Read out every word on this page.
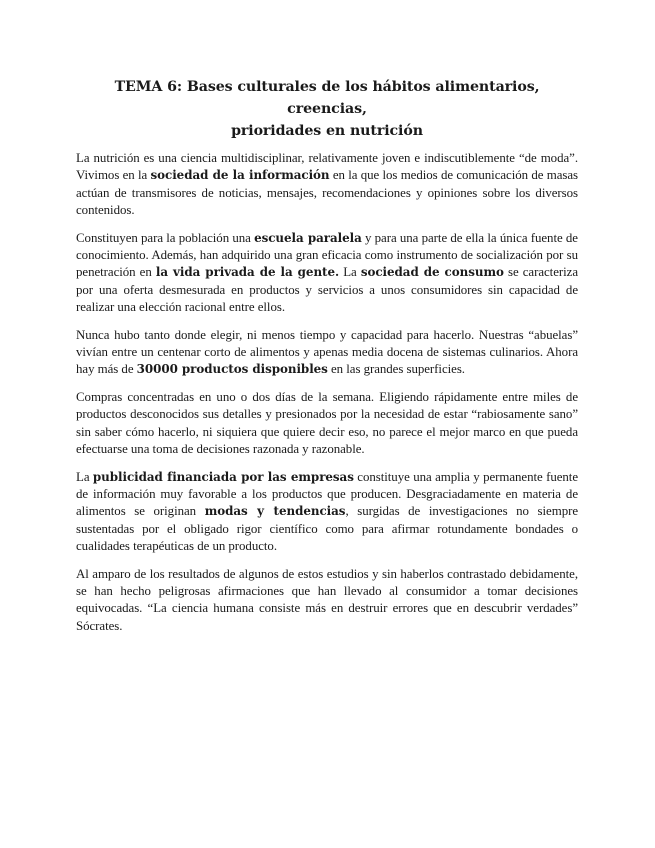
TEMA 6: Bases culturales de los hábitos alimentarios, creencias,
prioridades en nutrición

La nutrición es una ciencia multidisciplinar, relativamente joven e indiscutiblemente “de moda”. Vivimos en la sociedad de la información en la que los medios de comunicación de masas actúan de transmisores de noticias, mensajes, recomendaciones y opiniones sobre los diversos contenidos.

Constituyen para la población una escuela paralela y para una parte de ella la única fuente de conocimiento. Además, han adquirido una gran eficacia como instrumento de socialización por su penetración en la vida privada de la gente. La sociedad de consumo se caracteriza por una oferta desmesurada en productos y servicios a unos consumidores sin capacidad de realizar una elección racional entre ellos.

Nunca hubo tanto donde elegir, ni menos tiempo y capacidad para hacerlo. Nuestras “abuelas” vivían entre un centenar corto de alimentos y apenas media docena de sistemas culinarios. Ahora hay más de 30000 productos disponibles en las grandes superficies.

Compras concentradas en uno o dos días de la semana. Eligiendo rápidamente entre miles de productos desconocidos sus detalles y presionados por la necesidad de estar “rabiosamente sano” sin saber cómo hacerlo, ni siquiera que quiere decir eso, no parece el mejor marco en que pueda efectuarse una toma de decisiones razonada y razonable.

La publicidad financiada por las empresas constituye una amplia y permanente fuente de información muy favorable a los productos que producen. Desgraciadamente en materia de alimentos se originan modas y tendencias, surgidas de investigaciones no siempre sustentadas por el obligado rigor científico como para afirmar rotundamente bondades o cualidades terapéuticas de un producto.

Al amparo de los resultados de algunos de estos estudios y sin haberlos contrastado debidamente, se han hecho peligrosas afirmaciones que han llevado al consumidor a tomar decisiones equivocadas. “La ciencia humana consiste más en destruir errores que en descubrir verdades” Sócrates.
